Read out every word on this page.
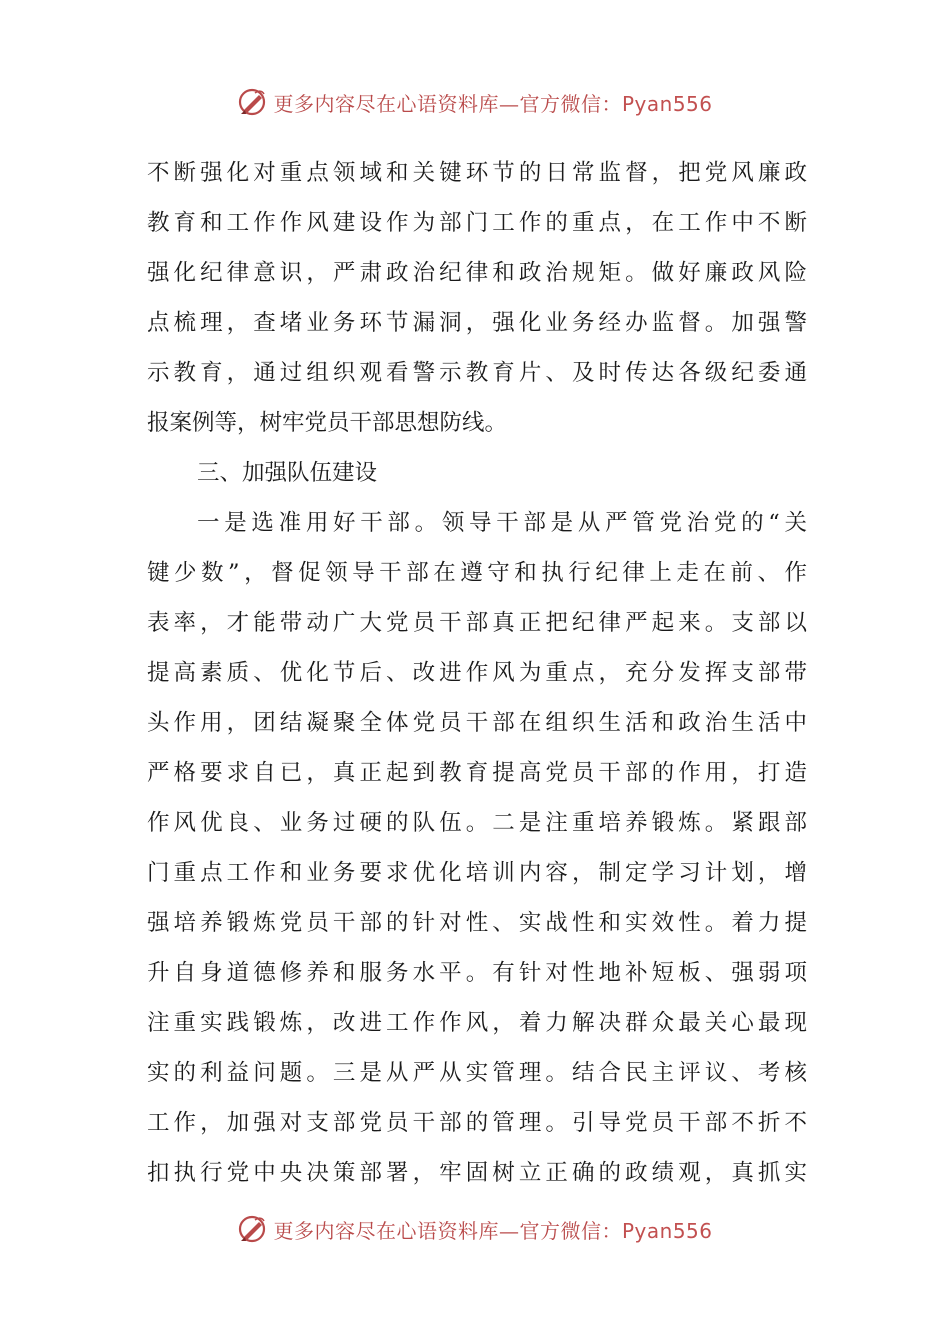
更多内容尽在心语资料库—官方微信：Pyan556
不断强化对重点领域和关键环节的日常监督，把党风廉政
教育和工作作风建设作为部门工作的重点，在工作中不断
强化纪律意识，严肃政治纪律和政治规矩。做好廉政风险
点梳理，查堵业务环节漏洞，强化业务经办监督。加强警
示教育，通过组织观看警示教育片、及时传达各级纪委通
报案例等，树牢党员干部思想防线。
三、加强队伍建设
一是选准用好干部。领导干部是从严管党治党的“关
键少数”，督促领导干部在遵守和执行纪律上走在前、作
表率，才能带动广大党员干部真正把纪律严起来。支部以
提高素质、优化节后、改进作风为重点，充分发挥支部带
头作用，团结凝聚全体党员干部在组织生活和政治生活中
严格要求自已，真正起到教育提高党员干部的作用，打造
作风优良、业务过硬的队伍。二是注重培养锻炼。紧跟部
门重点工作和业务要求优化培训内容，制定学习计划，增
强培养锻炼党员干部的针对性、实战性和实效性。着力提
升自身道德修养和服务水平。有针对性地补短板、强弱项
注重实践锻炼，改进工作作风，着力解决群众最关心最现
实的利益问题。三是从严从实管理。结合民主评议、考核
工作，加强对支部党员干部的管理。引导党员干部不折不
扣执行党中央决策部署，牢固树立正确的政绩观，真抓实
更多内容尽在心语资料库—官方微信：Pyan556
